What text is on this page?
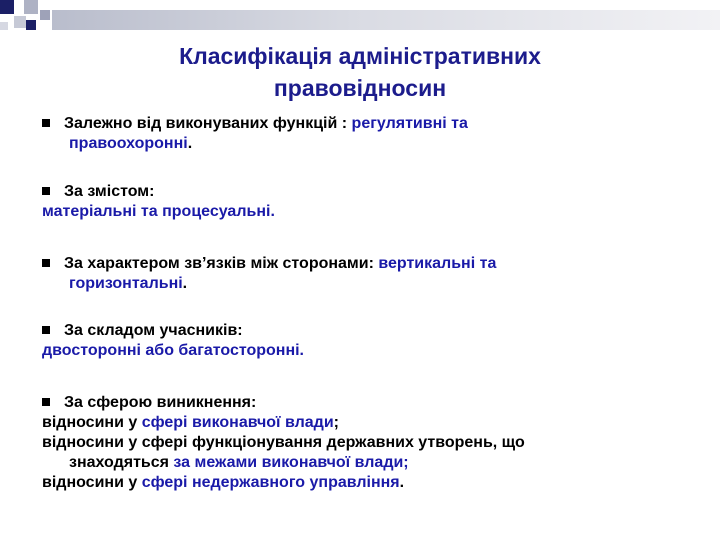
Класифікація адміністративних
правовідносин
Залежно від виконуваних функцій : регулятивні та
правоохоронні.
За змістом:
матеріальні та процесуальні.
За характером зв’язків між сторонами: вертикальні та
горизонтальні.
За складом учасників:
двосторонні або багатосторонні.
За сферою виникнення:
відносини у сфері виконавчої влади;
відносини у сфері функціонування державних утворень, що
знаходяться за межами виконавчої влади;
відносини у сфері недержавного управління.
